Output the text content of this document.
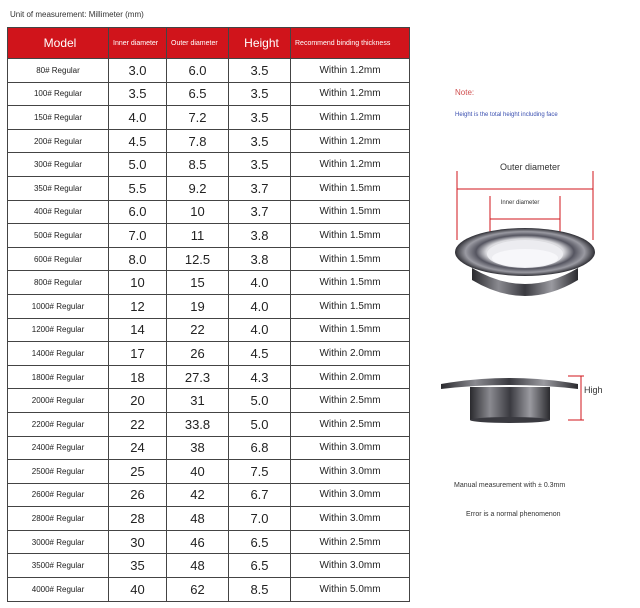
Unit of measurement: Millimeter (mm)
Model	Inner diameter	Outer diameter	Height	Recommend binding thickness
80# Regular	3.0	6.0	3.5	Within 1.2mm
100# Regular	3.5	6.5	3.5	Within 1.2mm
150# Regular	4.0	7.2	3.5	Within 1.2mm
200# Regular	4.5	7.8	3.5	Within 1.2mm
300# Regular	5.0	8.5	3.5	Within 1.2mm
350# Regular	5.5	9.2	3.7	Within 1.5mm
400# Regular	6.0	10	3.7	Within 1.5mm
500# Regular	7.0	11	3.8	Within 1.5mm
600# Regular	8.0	12.5	3.8	Within 1.5mm
800# Regular	10	15	4.0	Within 1.5mm
1000# Regular	12	19	4.0	Within 1.5mm
1200# Regular	14	22	4.0	Within 1.5mm
1400# Regular	17	26	4.5	Within 2.0mm
1800# Regular	18	27.3	4.3	Within 2.0mm
2000# Regular	20	31	5.0	Within 2.5mm
2200# Regular	22	33.8	5.0	Within 2.5mm
2400# Regular	24	38	6.8	Within 3.0mm
2500# Regular	25	40	7.5	Within 3.0mm
2600# Regular	26	42	6.7	Within 3.0mm
2800# Regular	28	48	7.0	Within 3.0mm
3000# Regular	30	46	6.5	Within 2.5mm
3500# Regular	35	48	6.5	Within 3.0mm
4000# Regular	40	62	8.5	Within 5.0mm
Note:
Height is the total height including face
Outer diameter
Inner diameter
High
Manual measurement with ± 0.3mm
Error is a normal phenomenon
